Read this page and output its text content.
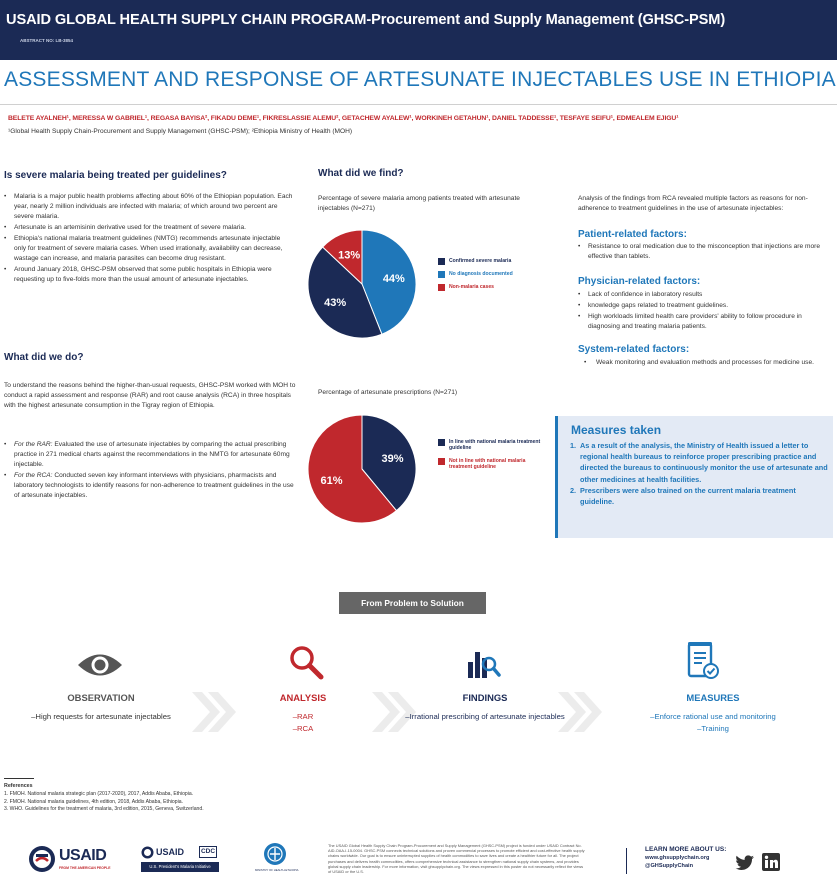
USAID GLOBAL HEALTH SUPPLY CHAIN PROGRAM-Procurement and Supply Management (GHSC-PSM)
ABSTRACT NO: LB-3854
ASSESSMENT AND RESPONSE OF ARTESUNATE INJECTABLES USE IN ETHIOPIA
BELETE AYALNEH¹, MERESSA W GABRIEL¹, REGASA BAYISA², FIKADU DEME¹, FIKRESLASSIE ALEMU², GETACHEW AYALEW¹, WORKINEH GETAHUN¹, DANIEL TADDESSE¹, TESFAYE SEIFU¹, EDMEALEM EJIGU¹
¹Global Health Supply Chain-Procurement and Supply Management (GHSC-PSM); ²Ethiopia Ministry of Health (MOH)
Is severe malaria being treated per guidelines?
• Malaria is a major public health problems affecting about 60% of the Ethiopian population. Each year, nearly 2 million individuals are infected with malaria; of which around two percent are severe malaria.
• Artesunate is an artemisinin derivative used for the treatment of severe malaria.
• Ethiopia's national malaria treatment guidelines (NMTG) recommends artesunate injectable only for treatment of severe malaria cases. When used irrationally, availability can decrease, wastage can increase, and malaria parasites can become drug resistant.
• Around January 2018, GHSC-PSM observed that some public hospitals in Ethiopia were requesting up to five-folds more than the usual amount of artesunate injectables.
What did we do?
To understand the reasons behind the higher-than-usual requests, GHSC-PSM worked with MOH to conduct a rapid assessment and response (RAR) and root cause analysis (RCA) in three hospitals with the highest artesunate consumption in the Tigray region of Ethiopia.
• For the RAR: Evaluated the use of artesunate injectables by comparing the actual prescribing practice in 271 medical charts against the recommendations in the NMTG for artesunate 60mg injectable.
• For the RCA: Conducted seven key informant interviews with physicians, pharmacists and laboratory technologists to identify reasons for non-adherence to treatment guidelines in the use of artesunate injectables.
What did we find?
Percentage of severe malaria among patients treated with artesunate injectables (N=271)
44%
43%
13%	Confirmed severe malaria
No diagnosis documented
Non-malaria cases
Percentage of artesunate prescriptions (N=271)
39%
61%
In line with national malaria treatment guideline
Not in line with national malaria treatment guideline
Analysis of the findings from RCA revealed multiple factors as reasons for non-adherence to treatment guidelines in the use of artesunate injectables:
Patient-related factors:
• Resistance to oral medication due to the misconception that injections are more effective than tablets.
Physician-related factors:
• Lack of confidence in laboratory results
• knowledge gaps related to treatment guidelines.
• High workloads limited health care providers' ability to follow procedure in diagnosing and treating malaria patients.
System-related factors:
• Weak monitoring and evaluation methods and processes for medicine use.
Measures taken
1. As a result of the analysis, the Ministry of Health issued a letter to regional health bureaus to reinforce proper prescribing practice and directed the bureaus to continuously monitor the use of artesunate and other medicines at health facilities.
2. Prescribers were also trained on the current malaria treatment guideline.
From Problem to Solution
OBSERVATION
–High requests for artesunate injectables
ANALYSIS
–RAR
–RCA
FINDINGS
–Irrational prescribing of artesunate injectables
MEASURES
–Enforce rational use and monitoring
–Training
References
1. FMOH. National malaria strategic plan (2017-2020), 2017, Addis Ababa, Ethiopia.
2. FMOH. National malaria guidelines, 4th edition, 2018, Addis Ababa, Ethiopia.
3. WHO. Guidelines for the treatment of malaria, 3rd edition, 2015, Geneva, Switzerland.
USAID
FROM THE AMERICAN PEOPLE
USAID	CDC
U.S. President's Malaria Initiative
MINISTRY OF HEALTH-ETHIOPIA
The USAID Global Health Supply Chain Program-Procurement and Supply Management (GHSC-PSM) project is funded under USAID Contract No. AID-OAA-I-15-0004. GHSC-PSM connects technical solutions and proven commercial processes to promote efficient and cost-effective health supply chains worldwide. Our goal is to ensure uninterrupted supplies of health commodities to save lives and create a healthier future for all. The project purchases and delivers health commodities, offers comprehensive technical assistance to strengthen national supply chain systems, and provides global supply chain leadership. For more information, visit ghsupplychain.org. The views expressed in this poster do not necessarily reflect the views of USAID or the U.S.
LEARN MORE ABOUT US:
www.ghsupplychain.org
@GHSupplyChain
